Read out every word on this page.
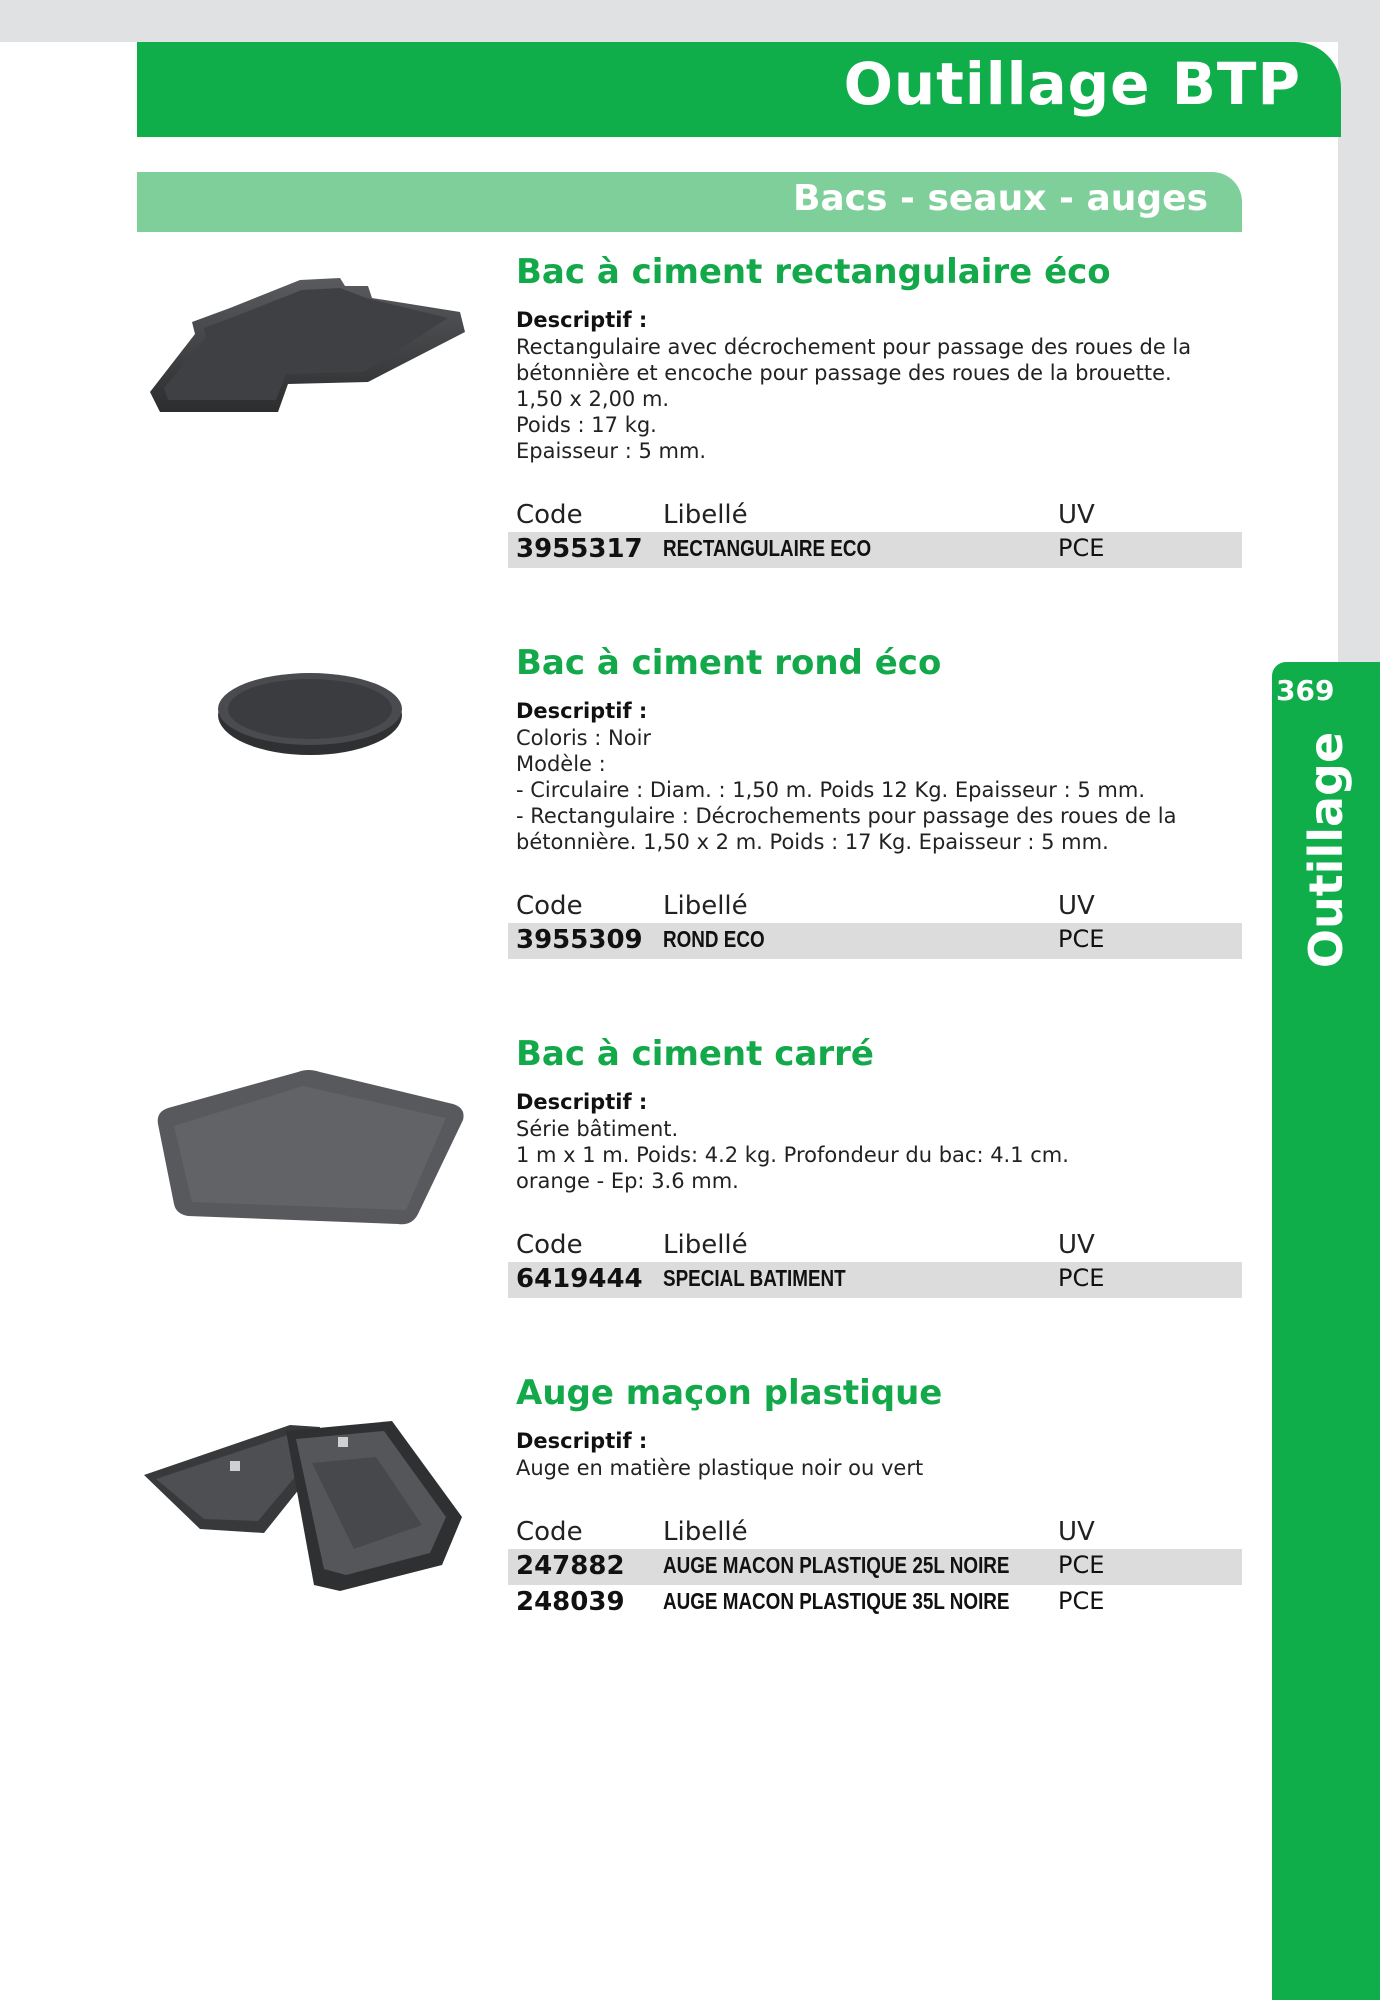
Outillage BTP
Bacs - seaux - auges
369
Outillage
Bac à ciment rectangulaire éco
Descriptif :
Rectangulaire avec décrochement pour passage des roues de la
bétonnière et encoche pour passage des roues de la brouette.
1,50 x 2,00 m.
Poids : 17 kg.
Epaisseur : 5 mm.
Code	Libellé	UV
3955317 RECTANGULAIRE ECO	PCE
Bac à ciment rond éco
Descriptif :
Coloris : Noir
Modèle :
- Circulaire : Diam. : 1,50 m. Poids 12 Kg. Epaisseur : 5 mm.
- Rectangulaire : Décrochements pour passage des roues de la
bétonnière. 1,50 x 2 m. Poids : 17 Kg. Epaisseur : 5 mm.
Code	Libellé	UV
3955309 ROND ECO	PCE
Bac à ciment carré
Descriptif :
Série bâtiment.
1 m x 1 m. Poids: 4.2 kg. Profondeur du bac: 4.1 cm.
orange - Ep: 3.6 mm.
Code	Libellé	UV
6419444 SPECIAL BATIMENT	PCE
Auge maçon plastique
Descriptif :
Auge en matière plastique noir ou vert
Code	Libellé	UV
247882 AUGE MACON PLASTIQUE 25L NOIRE PCE
248039 AUGE MACON PLASTIQUE 35L NOIRE PCE
